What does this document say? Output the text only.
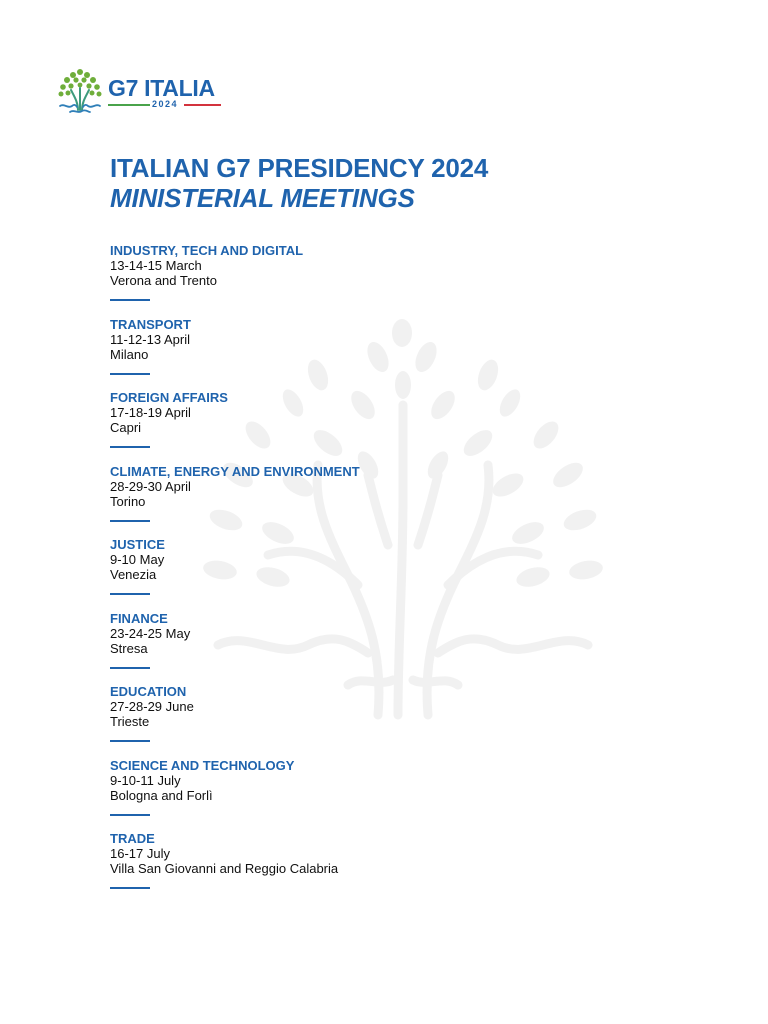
G7 ITALIA
2024
ITALIAN G7 PRESIDENCY 2024
MINISTERIAL MEETINGS
INDUSTRY, TECH AND DIGITAL
13-14-15 March
Verona and Trento
TRANSPORT
11-12-13 April
Milano
FOREIGN AFFAIRS
17-18-19 April
Capri
CLIMATE, ENERGY AND ENVIRONMENT
28-29-30 April
Torino
JUSTICE
9-10 May
Venezia
FINANCE
23-24-25 May
Stresa
EDUCATION
27-28-29 June
Trieste
SCIENCE AND TECHNOLOGY
9-10-11 July
Bologna and Forlì
TRADE
16-17 July
Villa San Giovanni and Reggio Calabria
